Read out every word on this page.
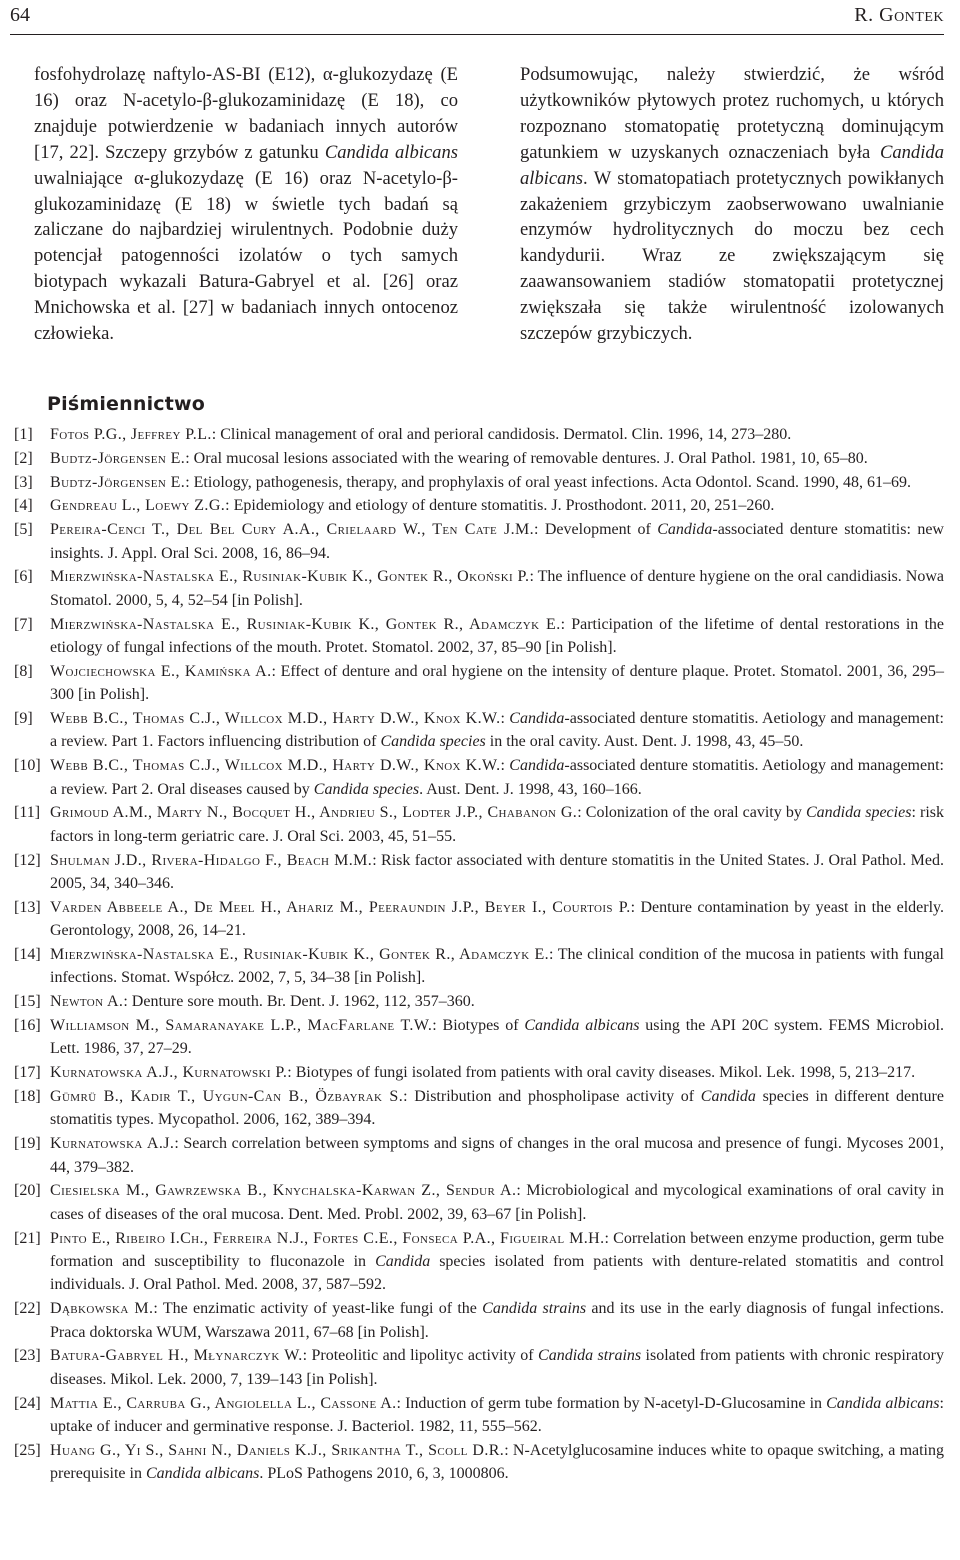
64	R. Gontek

fosfohydrolazę naftylo-AS-BI (E12), α-glukozydazę (E 16) oraz N-acetylo-β-glukozaminidazę (E 18), co znajduje potwierdzenie w badaniach innych autorów [17, 22]. Szczepy grzybów z gatunku Candida albicans uwalniające α-glukozydazę (E 16) oraz N-acetylo-β-glukozaminidazę (E 18) w świetle tych badań są zaliczane do najbardziej wirulentnych. Podobnie duży potencjał patogenności izolatów o tych samych biotypach wykazali Batura-Gabryel et al. [26] oraz Mnichowska et al. [27] w badaniach innych ontocenoz człowieka.

Podsumowując, należy stwierdzić, że wśród użytkowników płytowych protez ruchomych, u których rozpoznano stomatopatię protetyczną dominującym gatunkiem w uzyskanych oznaczeniach była Candida albicans. W stomatopatiach protetycznych powikłanych zakażeniem grzybiczym zaobserwowano uwalnianie enzymów hydrolitycznych do moczu bez cech kandydurii. Wraz ze zwiększającym się zaawansowaniem stadiów stomatopatii protetycznej zwiększała się także wirulentność izolowanych szczepów grzybiczych.

Piśmiennictwo
[1]	Fotos P.G., Jeffrey P.L.: Clinical management of oral and perioral candidosis. Dermatol. Clin. 1996, 14, 273–280.
[2]	Budtz-Jörgensen E.: Oral mucosal lesions associated with the wearing of removable dentures. J. Oral Pathol. 1981, 10, 65–80.
[3]	Budtz-Jörgensen E.: Etiology, pathogenesis, therapy, and prophylaxis of oral yeast infections. Acta Odontol. Scand. 1990, 48, 61–69.
[4]	Gendreau L., Loewy Z.G.: Epidemiology and etiology of denture stomatitis. J. Prosthodont. 2011, 20, 251–260.
[5]	Pereira-Cenci T., Del Bel Cury A.A., Crielaard W., Ten Cate J.M.: Development of Candida-associated denture stomatitis: new insights. J. Appl. Oral Sci. 2008, 16, 86–94.
[6]	Mierzwińska-Nastalska E., Rusiniak-Kubik K., Gontek R., Okoński P.: The influence of denture hygiene on the oral candidiasis. Nowa Stomatol. 2000, 5, 4, 52–54 [in Polish].
[7]	Mierzwińska-Nastalska E., Rusiniak-Kubik K., Gontek R., Adamczyk E.: Participation of the lifetime of dental restorations in the etiology of fungal infections of the mouth. Protet. Stomatol. 2002, 37, 85–90 [in Polish].
[8]	Wojciechowska E., Kamińska A.: Effect of denture and oral hygiene on the intensity of denture plaque. Protet. Stomatol. 2001, 36, 295–300 [in Polish].
[9]	Webb B.C., Thomas C.J., Willcox M.D., Harty D.W., Knox K.W.: Candida-associated denture stomatitis. Aetiology and management: a review. Part 1. Factors influencing distribution of Candida species in the oral cavity. Aust. Dent. J. 1998, 43, 45–50.
[10] Webb B.C., Thomas C.J., Willcox M.D., Harty D.W., Knox K.W.: Candida-associated denture stomatitis. Aetiology and management: a review. Part 2. Oral diseases caused by Candida species. Aust. Dent. J. 1998, 43, 160–166.
[11] Grimoud A.M., Marty N., Bocquet H., Andrieu S., Lodter J.P., Chabanon G.: Colonization of the oral cavity by Candida species: risk factors in long-term geriatric care. J. Oral Sci. 2003, 45, 51–55.
[12] Shulman J.D., Rivera-Hidalgo F., Beach M.M.: Risk factor associated with denture stomatitis in the United States. J. Oral Pathol. Med. 2005, 34, 340–346.
[13] Varden Abbeele A., De Meel H., Ahariz M., Peeraundin J.P., Beyer I., Courtois P.: Denture contamination by yeast in the elderly. Gerontology, 2008, 26, 14–21.
[14] Mierzwińska-Nastalska E., Rusiniak-Kubik K., Gontek R., Adamczyk E.: The clinical condition of the mucosa in patients with fungal infections. Stomat. Współcz. 2002, 7, 5, 34–38 [in Polish].
[15] Newton A.: Denture sore mouth. Br. Dent. J. 1962, 112, 357–360.
[16] Williamson M., Samaranayake L.P., MacFarlane T.W.: Biotypes of Candida albicans using the API 20C system. FEMS Microbiol. Lett. 1986, 37, 27–29.
[17] Kurnatowska A.J., Kurnatowski P.: Biotypes of fungi isolated from patients with oral cavity diseases. Mikol. Lek. 1998, 5, 213–217.
[18] Gümrü B., Kadir T., Uygun-Can B., Özbayrak S.: Distribution and phospholipase activity of Candida species in different denture stomatitis types. Mycopathol. 2006, 162, 389–394.
[19] Kurnatowska A.J.: Search correlation between symptoms and signs of changes in the oral mucosa and presence of fungi. Mycoses 2001, 44, 379–382.
[20] Ciesielska M., Gawrzewska B., Knychalska-Karwan Z., Sendur A.: Microbiological and mycological examinations of oral cavity in cases of diseases of the oral mucosa. Dent. Med. Probl. 2002, 39, 63–67 [in Polish].
[21] Pinto E., Ribeiro I.Ch., Ferreira N.J., Fortes C.E., Fonseca P.A., Figueiral M.H.: Correlation between enzyme production, germ tube formation and susceptibility to fluconazole in Candida species isolated from patients with denture-related stomatitis and control individuals. J. Oral Pathol. Med. 2008, 37, 587–592.
[22] Dąbkowska M.: The enzimatic activity of yeast-like fungi of the Candida strains and its use in the early diagnosis of fungal infections. Praca doktorska WUM, Warszawa 2011, 67–68 [in Polish].
[23] Batura-Gabryel H., Młynarczyk W.: Proteolitic and lipolityc activity of Candida strains isolated from patients with chronic respiratory diseases. Mikol. Lek. 2000, 7, 139–143 [in Polish].
[24] Mattia E., Carruba G., Angiolella L., Cassone A.: Induction of germ tube formation by N-acetyl-D-Glucosamine in Candida albicans: uptake of inducer and germinative response. J. Bacteriol. 1982, 11, 555–562.
[25] Huang G., Yi S., Sahni N., Daniels K.J., Srikantha T., Scoll D.R.: N-Acetylglucosamine induces white to opaque switching, a mating prerequisite in Candida albicans. PLoS Pathogens 2010, 6, 3, 1000806.
